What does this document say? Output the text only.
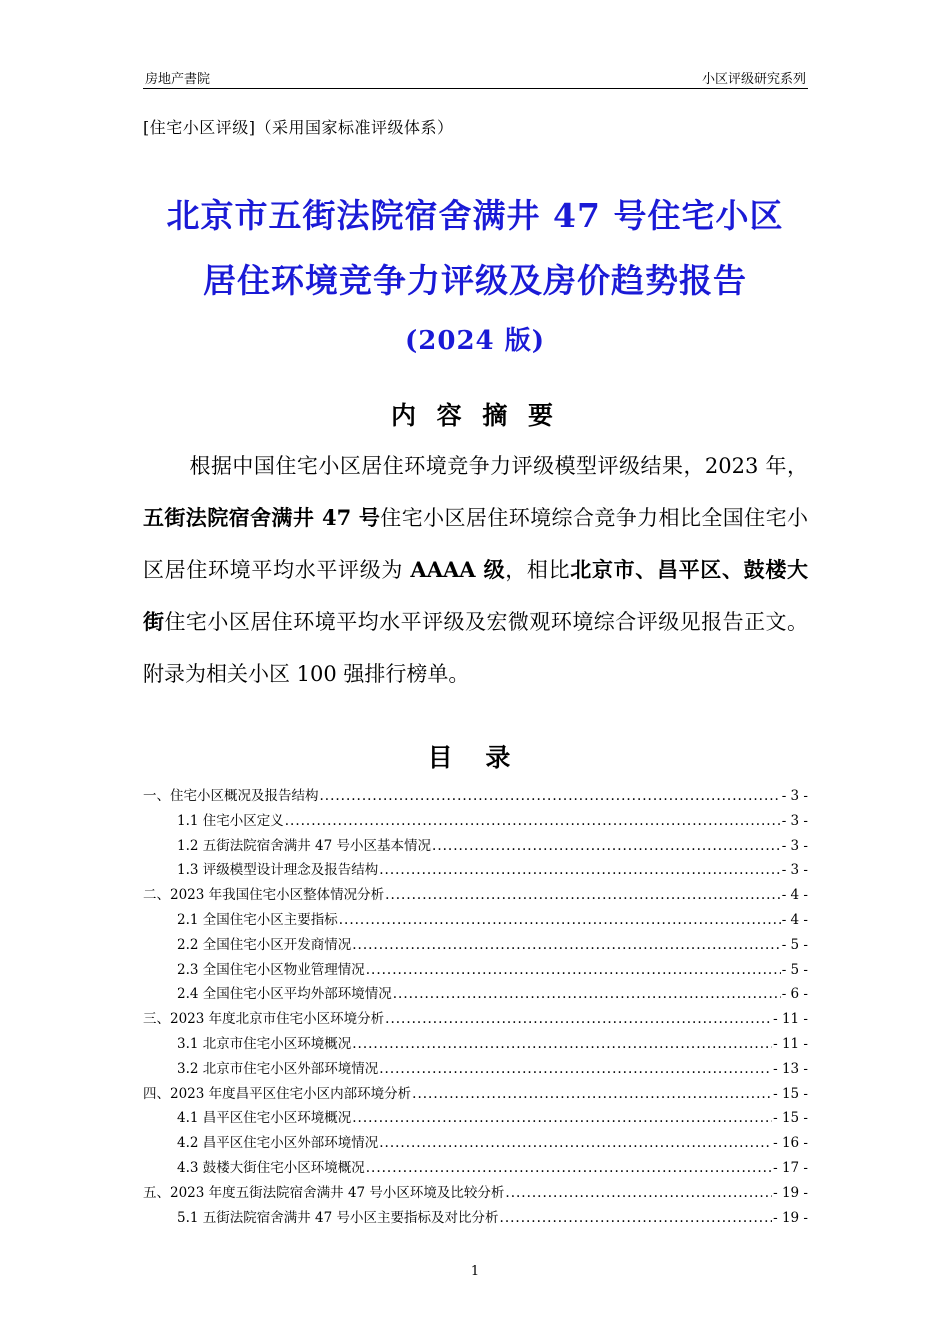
房地产書院	小区评级研究系列
[住宅小区评级]（采用国家标准评级体系）
北京市五街法院宿舍满井 47 号住宅小区
居住环境竞争力评级及房价趋势报告
(2024 版)
内 容 摘 要
根据中国住宅小区居住环境竞争力评级模型评级结果，2023 年，五街法院宿舍满井 47 号住宅小区居住环境综合竞争力相比全国住宅小区居住环境平均水平评级为 AAAA 级，相比北京市、昌平区、鼓楼大街住宅小区居住环境平均水平评级及宏微观环境综合评级见报告正文。附录为相关小区 100 强排行榜单。
目 录
一、住宅小区概况及报告结构 .....	- 3 -
1.1 住宅小区定义 .....	- 3 -
1.2 五街法院宿舍满井 47 号小区基本情况 .....	- 3 -
1.3 评级模型设计理念及报告结构 .....	- 3 -
二、2023 年我国住宅小区整体情况分析 .....	- 4 -
2.1 全国住宅小区主要指标 .....	- 4 -
2.2 全国住宅小区开发商情况 .....	- 5 -
2.3 全国住宅小区物业管理情况 .....	- 5 -
2.4 全国住宅小区平均外部环境情况 .....	- 6 -
三、2023 年度北京市住宅小区环境分析 .....	- 11 -
3.1 北京市住宅小区环境概况 .....	- 11 -
3.2 北京市住宅小区外部环境情况 .....	- 13 -
四、2023 年度昌平区住宅小区内部环境分析 .....	- 15 -
4.1 昌平区住宅小区环境概况 .....	- 15 -
4.2 昌平区住宅小区外部环境情况 .....	- 16 -
4.3 鼓楼大街住宅小区环境概况 .....	- 17 -
五、2023 年度五街法院宿舍满井 47 号小区环境及比较分析 .....	- 19 -
5.1 五街法院宿舍满井 47 号小区主要指标及对比分析 .....	- 19 -
1
